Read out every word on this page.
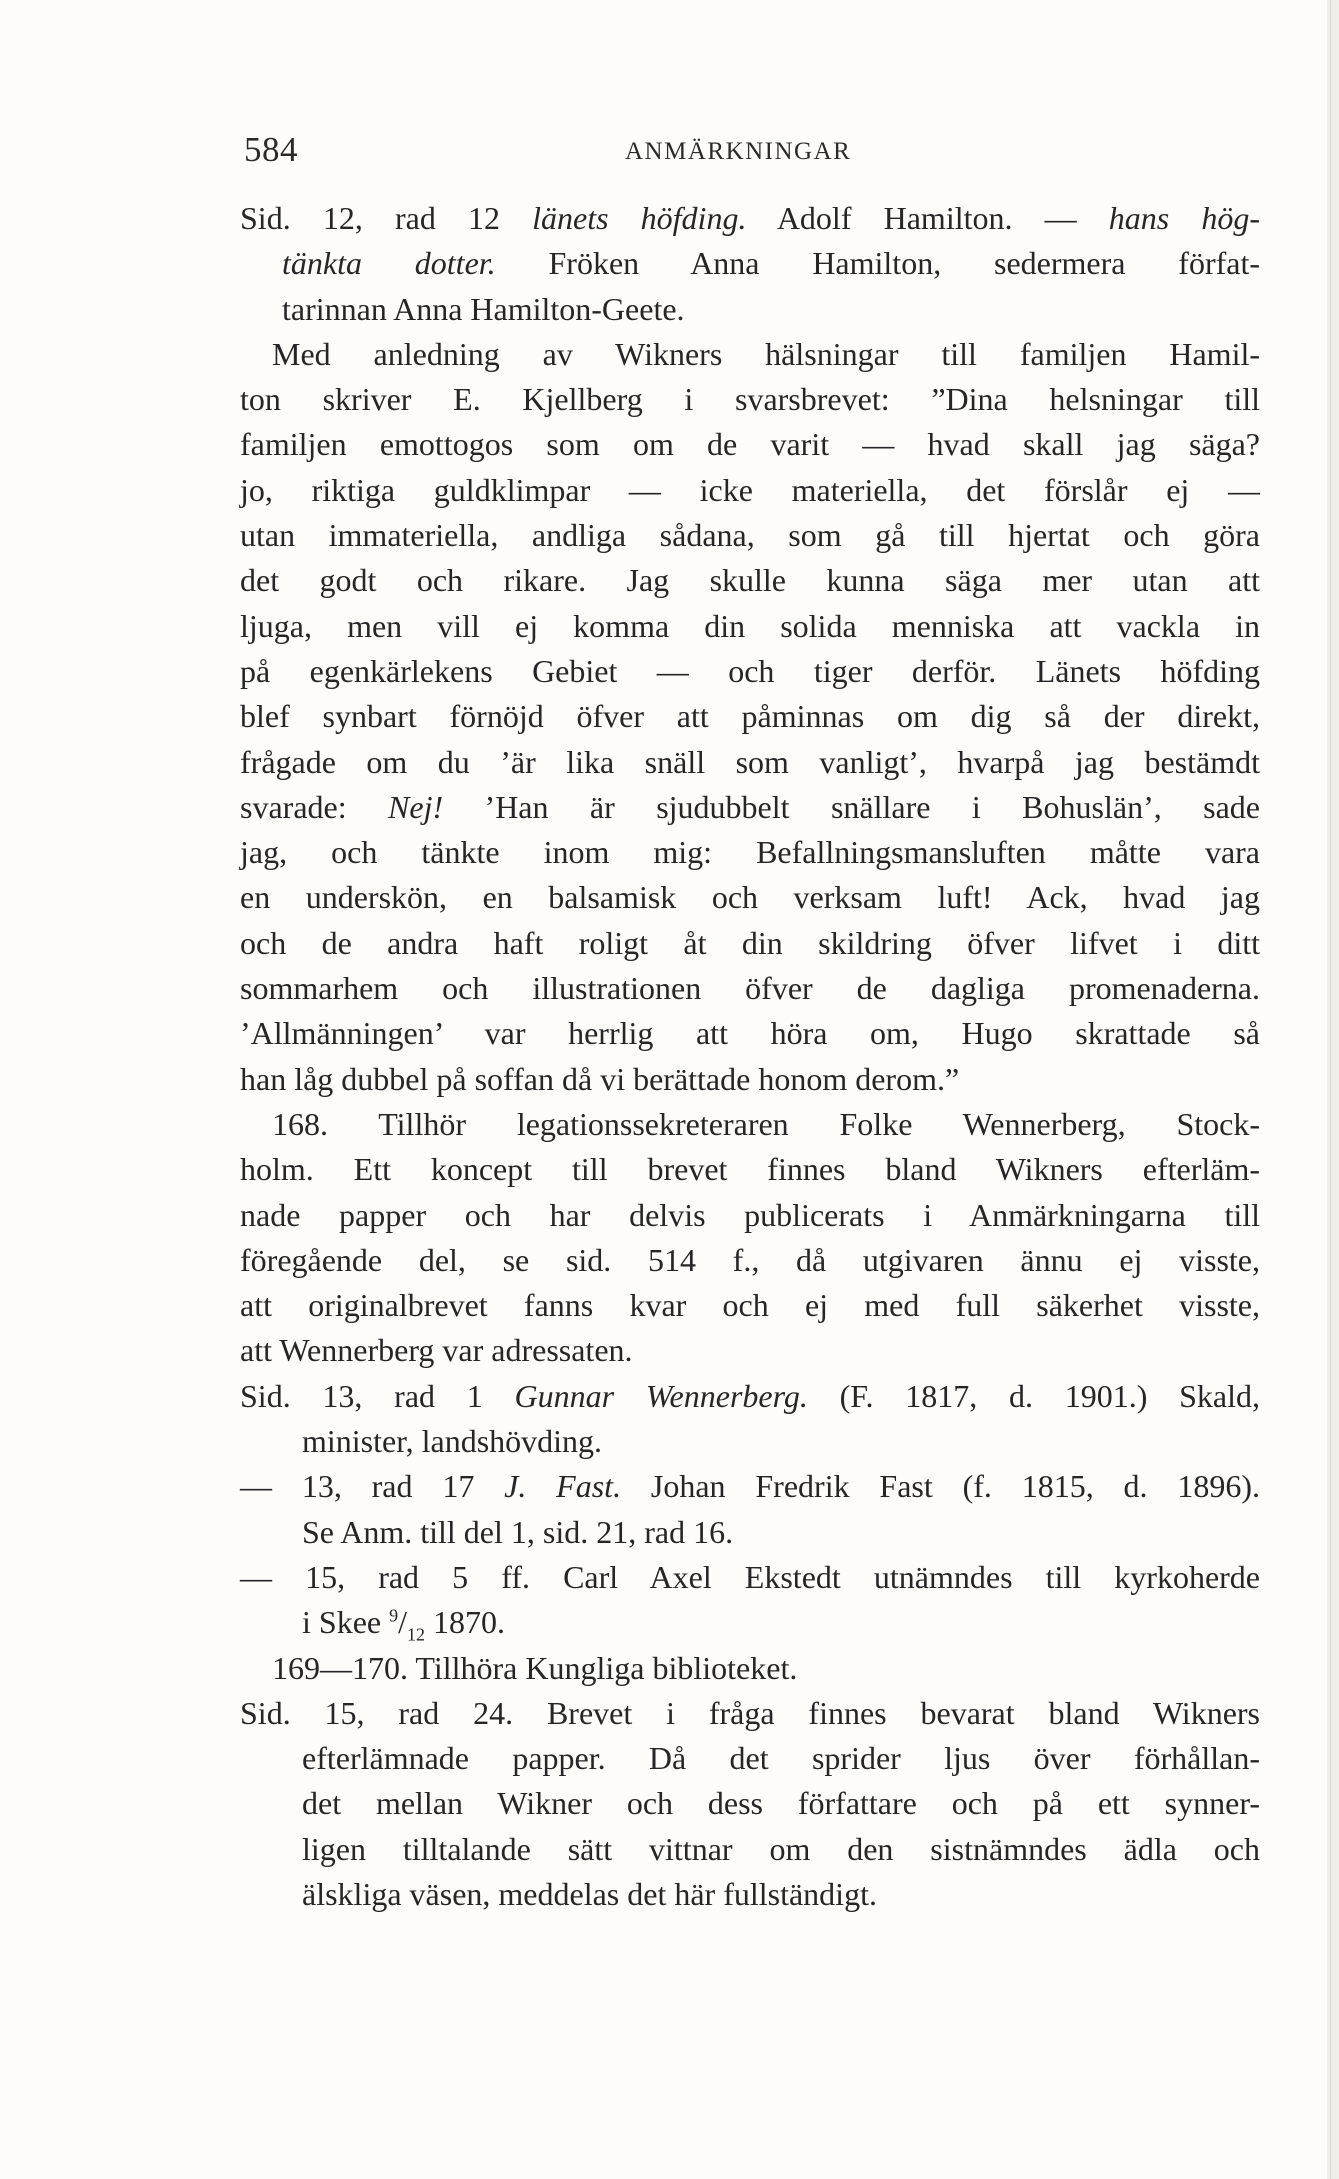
584	ANMÄRKNINGAR
Sid. 12, rad 12 länets höfding. Adolf Hamilton. — hans hög-
tänkta dotter. Fröken Anna Hamilton, sedermera förfat-
tarinnan Anna Hamilton-Geete.
Med anledning av Wikners hälsningar till familjen Hamil-
ton skriver E. Kjellberg i svarsbrevet: ”Dina helsningar till
familjen emottogos som om de varit — hvad skall jag säga?
jo, riktiga guldklimpar — icke materiella, det förslår ej —
utan immateriella, andliga sådana, som gå till hjertat och göra
det godt och rikare. Jag skulle kunna säga mer utan att
ljuga, men vill ej komma din solida menniska att vackla in
på egenkärlekens Gebiet — och tiger derför. Länets höfding
blef synbart förnöjd öfver att påminnas om dig så der direkt,
frågade om du ’är lika snäll som vanligt’, hvarpå jag bestämdt
svarade: Nej! ’Han är sjudubbelt snällare i Bohuslän’, sade
jag, och tänkte inom mig: Befallningsmansluften måtte vara
en underskön, en balsamisk och verksam luft! Ack, hvad jag
och de andra haft roligt åt din skildring öfver lifvet i ditt
sommarhem och illustrationen öfver de dagliga promenaderna.
’Allmänningen’ var herrlig att höra om, Hugo skrattade så
han låg dubbel på soffan då vi berättade honom derom.”
168. Tillhör legationssekreteraren Folke Wennerberg, Stock-
holm. Ett koncept till brevet finnes bland Wikners efterläm-
nade papper och har delvis publicerats i Anmärkningarna till
föregående del, se sid. 514 f., då utgivaren ännu ej visste,
att originalbrevet fanns kvar och ej med full säkerhet visste,
att Wennerberg var adressaten.
Sid. 13, rad 1 Gunnar Wennerberg. (F. 1817, d. 1901.) Skald,
minister, landshövding.
— 13, rad 17 J. Fast. Johan Fredrik Fast (f. 1815, d. 1896).
Se Anm. till del 1, sid. 21, rad 16.
— 15, rad 5 ff. Carl Axel Ekstedt utnämndes till kyrkoherde
i Skee $^9/_{12}$ 1870.
169—170. Tillhöra Kungliga biblioteket.
Sid. 15, rad 24. Brevet i fråga finnes bevarat bland Wikners
efterlämnade papper. Då det sprider ljus över förhållan-
det mellan Wikner och dess författare och på ett synner-
ligen tilltalande sätt vittnar om den sistnämndes ädla och
älskliga väsen, meddelas det här fullständigt.
